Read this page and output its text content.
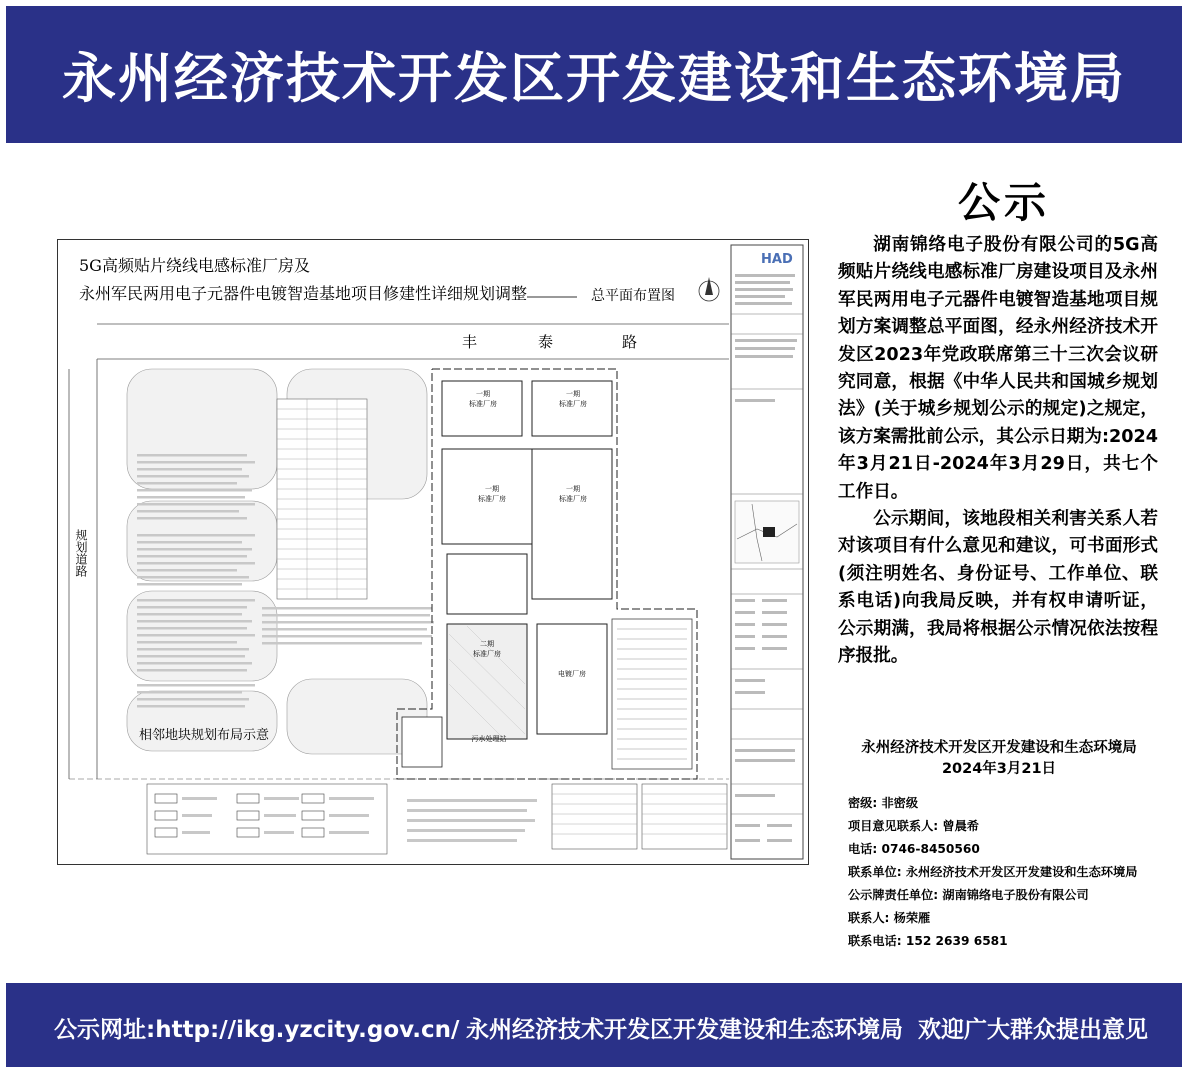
永州经济技术开发区开发建设和生态环境局
HAD
5G高频贴片绕线电感标准厂房及
永州军民两用电子元器件电镀智造基地项目修建性详细规划调整	总平面布置图
丰	泰	路
规划道路
一期
标准厂房
一期
标准厂房
一期
标准厂房
一期
标准厂房
二期
标准厂房
电镀厂房
污水处理站
相邻地块规划布局示意
公示

湖南锦络电子股份有限公司的5G高频贴片绕线电感标准厂房建设项目及永州军民两用电子元器件电镀智造基地项目规划方案调整总平面图，经永州经济技术开发区2023年党政联席第三十三次会议研究同意，根据《中华人民共和国城乡规划法》(关于城乡规划公示的规定)之规定，该方案需批前公示，其公示日期为:2024年3月21日-2024年3月29日，共七个工作日。

公示期间，该地段相关利害关系人若对该项目有什么意见和建议，可书面形式(须注明姓名、身份证号、工作单位、联系电话)向我局反映，并有权申请听证，公示期满，我局将根据公示情况依法按程序报批。

永州经济技术开发区开发建设和生态环境局
2024年3月21日
密级: 非密级
项目意见联系人: 曾晨希
电话: 0746-8450560
联系单位: 永州经济技术开发区开发建设和生态环境局
公示牌责任单位: 湖南锦络电子股份有限公司
联系人: 杨荣雁
联系电话: 152 2639 6581
公示网址:http://ikg.yzcity.gov.cn/ 永州经济技术开发区开发建设和生态环境局 欢迎广大群众提出意见
